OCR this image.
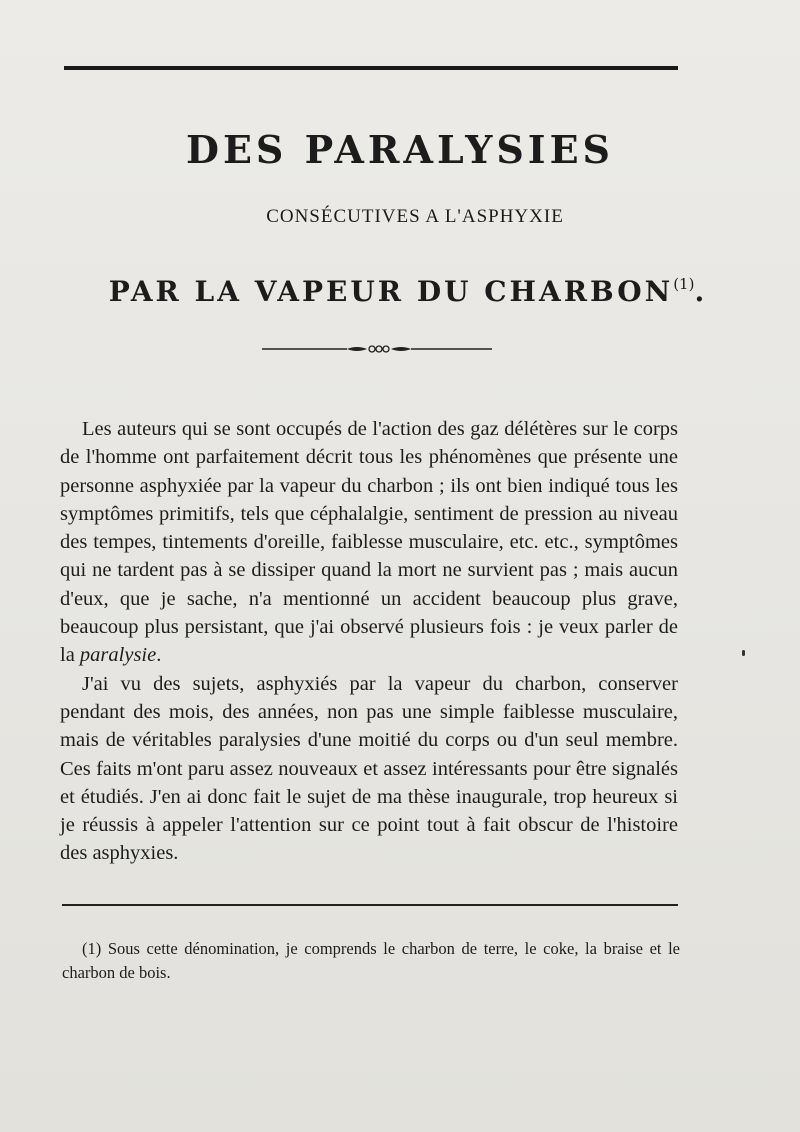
DES PARALYSIES
CONSÉCUTIVES A L'ASPHYXIE
PAR LA VAPEUR DU CHARBON$^{(1)}$.

Les auteurs qui se sont occupés de l'action des gaz délétères sur le corps de l'homme ont parfaitement décrit tous les phénomènes que présente une personne asphyxiée par la vapeur du charbon ; ils ont bien indiqué tous les symptômes primitifs, tels que céphalalgie, sentiment de pression au niveau des tempes, tintements d'oreille, faiblesse musculaire, etc. etc., symptômes qui ne tardent pas à se dissiper quand la mort ne survient pas ; mais aucun d'eux, que je sache, n'a mentionné un accident beaucoup plus grave, beaucoup plus persistant, que j'ai observé plusieurs fois : je veux parler de la paralysie.

J'ai vu des sujets, asphyxiés par la vapeur du charbon, conserver pendant des mois, des années, non pas une simple faiblesse musculaire, mais de véritables paralysies d'une moitié du corps ou d'un seul membre. Ces faits m'ont paru assez nouveaux et assez intéressants pour être signalés et étudiés. J'en ai donc fait le sujet de ma thèse inaugurale, trop heureux si je réussis à appeler l'attention sur ce point tout à fait obscur de l'histoire des asphyxies.

(1) Sous cette dénomination, je comprends le charbon de terre, le coke, la braise et le charbon de bois.
